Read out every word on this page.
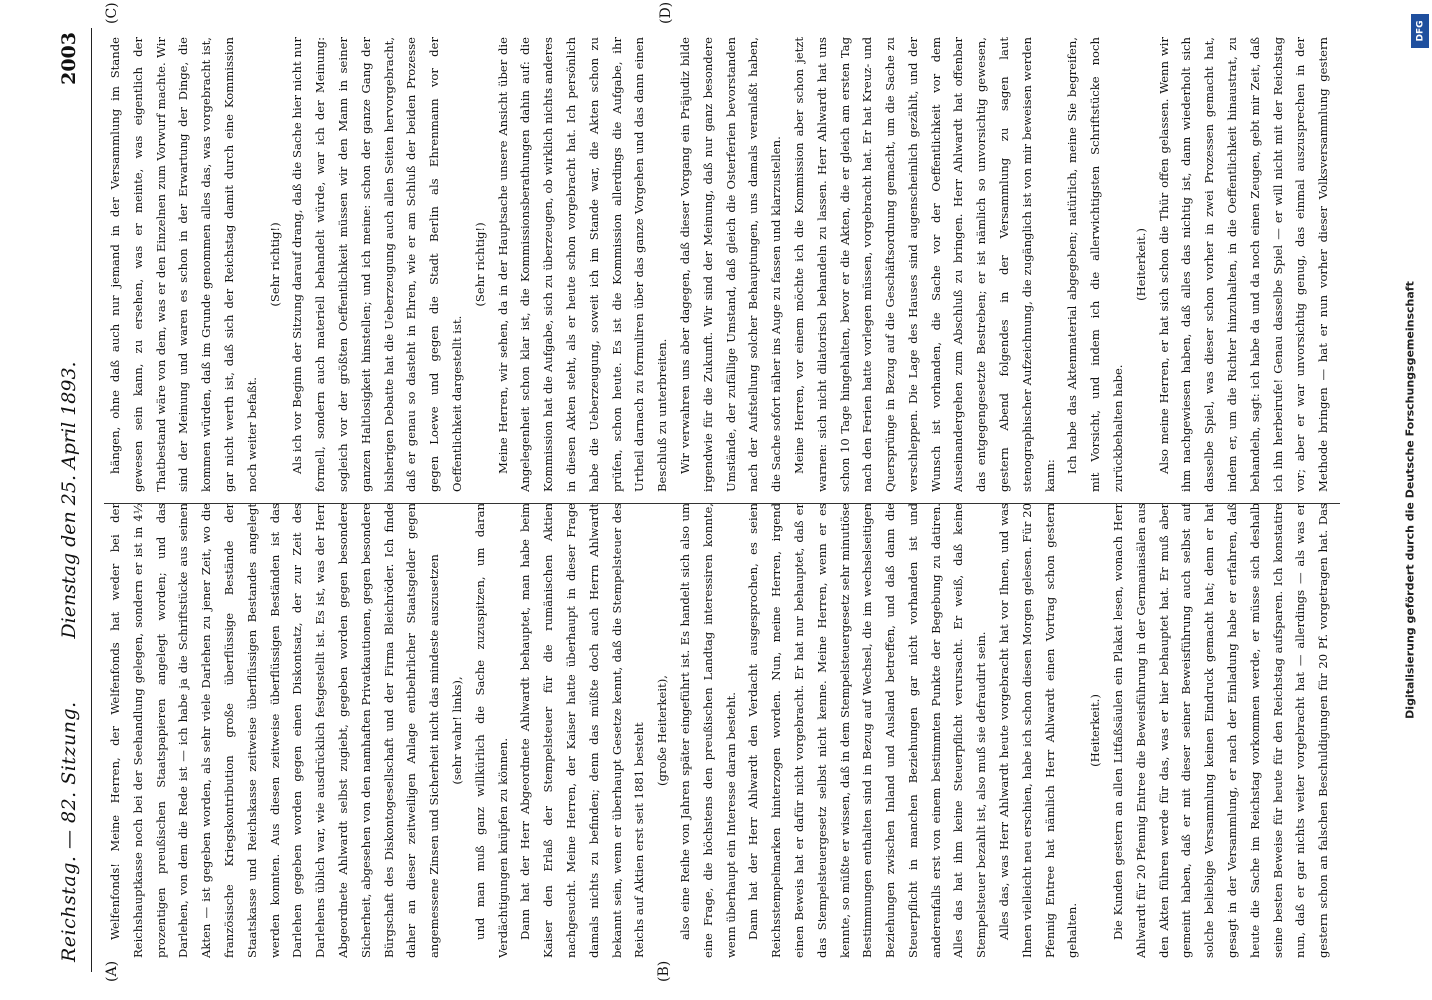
Reichstag. — 82. Sitzung.
Dienstag den 25. April 1893.
2003
(A)	(B)
(C)	(D)

Welfenfonds! Meine Herren, der Welfenfonds hat weder bei der Reichshauptkasse noch bei der Seehandlung gelegen, sondern er ist in 4½ prozentigen preußischen Staatspapieren angelegt worden; und das Darlehen, von dem die Rede ist — ich habe ja die Schriftstücke aus seinen Akten — ist gegeben worden, als sehr viele Darlehen zu jener Zeit, wo die französische Kriegskontribution große überflüssige Bestände der Staatskasse und Reichskasse zeitweise überflüssigen Bestandes angelegt werden konnten. Aus diesen zeitweise überflüssigen Beständen ist das Darlehen gegeben worden gegen einen Diskontsatz, der zur Zeit des Darlehens üblich war, wie ausdrücklich festgestellt ist. Es ist, was der Herr Abgeordnete Ahlwardt selbst zugiebt, gegeben worden gegen besondere Sicherheit, abgesehen von den namhaften Privatkautionen, gegen besondere Bürgschaft des Diskontogesellschaft und der Firma Bleichröder. Ich finde daher an dieser zeitweiligen Anlage entbehrlicher Staatsgelder gegen angemessene Zinsen und Sicherheit nicht das mindeste auszusetzen (sehr wahr! links), und man muß ganz willkürlich die Sache zuzuspitzen, um daran Verdächtigungen knüpfen zu können. Dann hat der Herr Abgeordnete Ahlwardt behauptet, man habe beim Kaiser den Erlaß der Stempelsteuer für die rumänischen Aktien nachgesucht. Meine Herren, der Kaiser hatte überhaupt in dieser Frage damals nichts zu befinden; denn das müßte doch auch Herrn Ahlwardt bekannt sein, wenn er überhaupt Gesetze kennt, daß die Stempelsteuer des Reichs auf Aktien erst seit 1881 besteht (große Heiterkeit), also eine Reihe von Jahren später eingeführt ist. Es handelt sich also um eine Frage, die höchstens den preußischen Landtag interessiren konnte, wenn überhaupt ein Interesse daran besteht. Dann hat der Herr Ahlwardt den Verdacht ausgesprochen, es seien Reichsstempelmarken hinterzogen worden. Nun, meine Herren, irgend einen Beweis hat er dafür nicht vorgebracht. Er hat nur behauptet, daß er das Stempelsteuergesetz selbst nicht kenne. Meine Herren, wenn er es kennte, so müßte er wissen, daß in dem Stempelsteuergesetz sehr minutiöse Bestimmungen enthalten sind in Bezug auf Wechsel, die im wechselseitigen Beziehungen zwischen Inland und Ausland betreffen, und daß dann die Steuerpflicht in manchen Beziehungen gar nicht vorhanden ist und anderenfalls erst von einem bestimmten Punkte der Begebung zu datiren. Alles das hat ihm keine Steuerpflicht verursacht. Er weiß, daß keine Stempelsteuer bezahlt ist, also muß sie defraudirt sein. Alles das, was Herr Ahlwardt heute vorgebracht hat vor Ihnen, und was Ihnen vielleicht neu erschien, habe ich schon diesen Morgen gelesen. Für 20 Pfennig Entree hat nämlich Herr Ahlwardt einen Vortrag schon gestern gehalten.

(Heiterkeit.)

Die Kunden gestern an allen Litfaßsäulen ein Plakat lesen, wonach Herr Ahlwardt für 20 Pfennig Entree die Beweisführung in der Germaniasälen aus den Akten führen werde für das, was er hier behauptet hat. Er muß aber gemeint haben, daß er mit dieser seiner Beweisführung auch selbst auf solche beliebige Versammlung keinen Eindruck gemacht hat; denn er hat gesagt in der Versammlung, er nach der Einladung habe er erfahren, daß heute die Sache im Reichstag vorkommen werde, er müsse sich deshalb seine besten Beweise für heute für den Reichstag aufsparen. Ich konstatire nun, daß er gar nichts weiter vorgebracht hat — allerdings — als was er gestern schon an falschen Beschuldigungen für 20 Pf. vorgetragen hat. Das

hängen, ohne daß auch nur jemand in der Versammlung im Stande gewesen sein kann, zu ersehen, was er meinte, was eigentlich der Thatbestand wäre von dem, was er den Einzelnen zum Vorwurf machte. Wir sind der Meinung und waren es schon in der Erwartung der Dinge, die kommen würden, daß im Grunde genommen alles das, was vorgebracht ist, gar nicht werth ist, daß sich der Reichstag damit durch eine Kommission noch weiter befaßt.

(Sehr richtig!) Als ich vor Beginn der Sitzung darauf drang, daß die Sache hier nicht nur formell, sondern auch materiell behandelt würde, war ich der Meinung: sogleich vor der größten Oeffentlichkeit müssen wir den Mann in seiner ganzen Haltlosigkeit hinstellen; und ich meine: schon der ganze Gang der bisherigen Debatte hat die Ueberzeugung auch allen Seiten hervorgebracht, daß er genau so dasteht in Ehren, wie er am Schluß der beiden Prozesse gegen Loewe und gegen die Stadt Berlin als Ehrenmann vor der Oeffentlichkeit dargestellt ist.

(Sehr richtig!) Meine Herren, wir sehen, da in der Hauptsache unsere Ansicht über die Angelegenheit schon klar ist, die Kommissionsberathungen dahin auf: die Kommission hat die Aufgabe, sich zu überzeugen, ob wirklich nichts anderes in diesen Akten steht, als er heute schon vorgebracht hat. Ich persönlich habe die Ueberzeugung, soweit ich im Stande war, die Akten schon zu prüfen, schon heute. Es ist die Kommission allerdings die Aufgabe, ihr Urtheil darnach zu formuliren über das ganze Vorgehen und das dann einen Beschluß zu unterbreiten. Wir verwahren uns aber dagegen, daß dieser Vorgang ein Präjudiz bilde irgendwie für die Zukunft. Wir sind der Meinung, daß nur ganz besondere Umstände, der zufällige Umstand, daß gleich die Osterferien bevorstanden nach der Aufstellung solcher Behauptungen, uns damals veranlaßt haben, die Sache sofort näher ins Auge zu fassen und klarzustellen. Meine Herren, vor einem möchte ich die Kommission aber schon jetzt warnen: sich nicht dilatorisch behandeln zu lassen. Herr Ahlwardt hat uns schon 10 Tage hingehalten, bevor er die Akten, die er gleich am ersten Tag nach den Ferien hatte vorlegen müssen, vorgebracht hat. Er hat Kreuz- und Quersprünge in Bezug auf die Geschäftsordnung gemacht, um die Sache zu verschleppen. Die Lage des Hauses sind augenscheinlich gezählt, und der Wunsch ist vorhanden, die Sache vor der Oeffentlichkeit vor dem Auseinandergehen zum Abschluß zu bringen. Herr Ahlwardt hat offenbar das entgegengesetzte Bestreben; er ist nämlich so unvorsichtig gewesen, gestern Abend folgendes in der Versammlung zu sagen laut stenographischer Aufzeichnung, die zugänglich ist von mir beweisen werden kann:

Ich habe das Aktenmaterial abgegeben; natürlich, meine Sie begreifen, mit Vorsicht, und indem ich die allerwichtigsten Schriftstücke noch zurückbehalten habe.

(Heiterkeit.)

Also meine Herren, er hat sich schon die Thür offen gelassen. Wenn wir ihm nachgewiesen haben, daß alles das nichtig ist, dann wiederholt sich dasselbe Spiel, was dieser schon vorher in zwei Prozessen gemacht hat, indem er, um die Richter hinzuhalten, in die Oeffentlichkeit hinaustrat, zu behandeln, sagt: ich habe da und da noch einen Zeugen, gebt mir Zeit, daß ich ihn herbeirufe! Genau dasselbe Spiel — er will nicht mit der Reichstag vor; aber er war unvorsichtig genug, das einmal auszusprechen in der Methode bringen — hat er nun vorher dieser Volksversammlung gestern

Digitalisierung gefördert durch die Deutsche Forschungsgemeinschaft
DFG
